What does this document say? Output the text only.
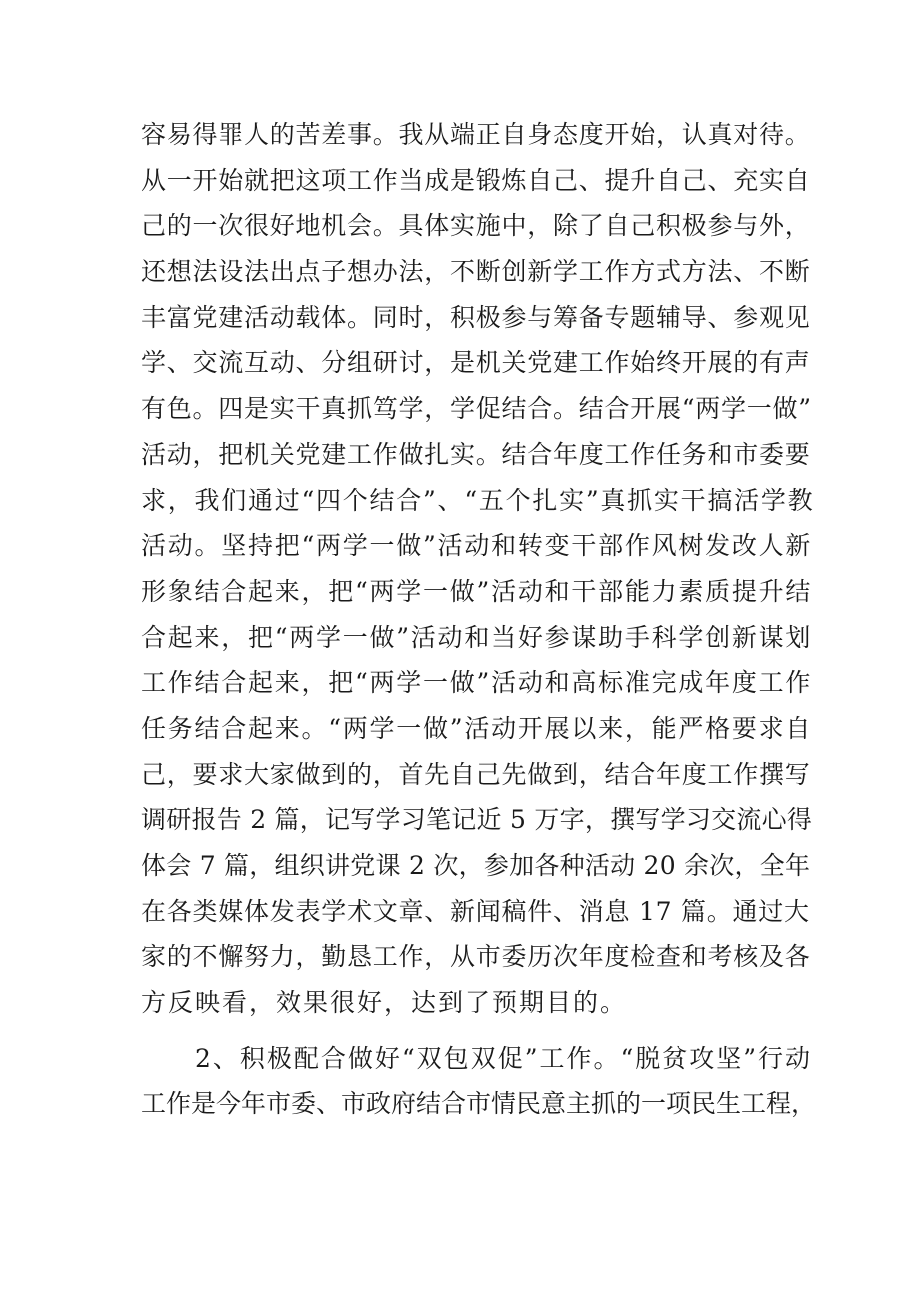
容易得罪人的苦差事。我从端正自身态度开始，认真对待。
从一开始就把这项工作当成是锻炼自己、提升自己、充实自
己的一次很好地机会。具体实施中，除了自己积极参与外，
还想法设法出点子想办法，不断创新学工作方式方法、不断
丰富党建活动载体。同时，积极参与筹备专题辅导、参观见
学、交流互动、分组研讨，是机关党建工作始终开展的有声
有色。四是实干真抓笃学，学促结合。结合开展“两学一做”
活动，把机关党建工作做扎实。结合年度工作任务和市委要
求，我们通过“四个结合”、“五个扎实”真抓实干搞活学教
活动。坚持把“两学一做”活动和转变干部作风树发改人新
形象结合起来，把“两学一做”活动和干部能力素质提升结
合起来，把“两学一做”活动和当好参谋助手科学创新谋划
工作结合起来，把“两学一做”活动和高标准完成年度工作
任务结合起来。“两学一做”活动开展以来，能严格要求自
己，要求大家做到的，首先自己先做到，结合年度工作撰写
调研报告 2 篇，记写学习笔记近 5 万字，撰写学习交流心得
体会 7 篇，组织讲党课 2 次，参加各种活动 20 余次，全年
在各类媒体发表学术文章、新闻稿件、消息 17 篇。通过大
家的不懈努力，勤恳工作，从市委历次年度检查和考核及各
方反映看，效果很好，达到了预期目的。
　　2、积极配合做好“双包双促”工作。“脱贫攻坚”行动
工作是今年市委、市政府结合市情民意主抓的一项民生工程，
